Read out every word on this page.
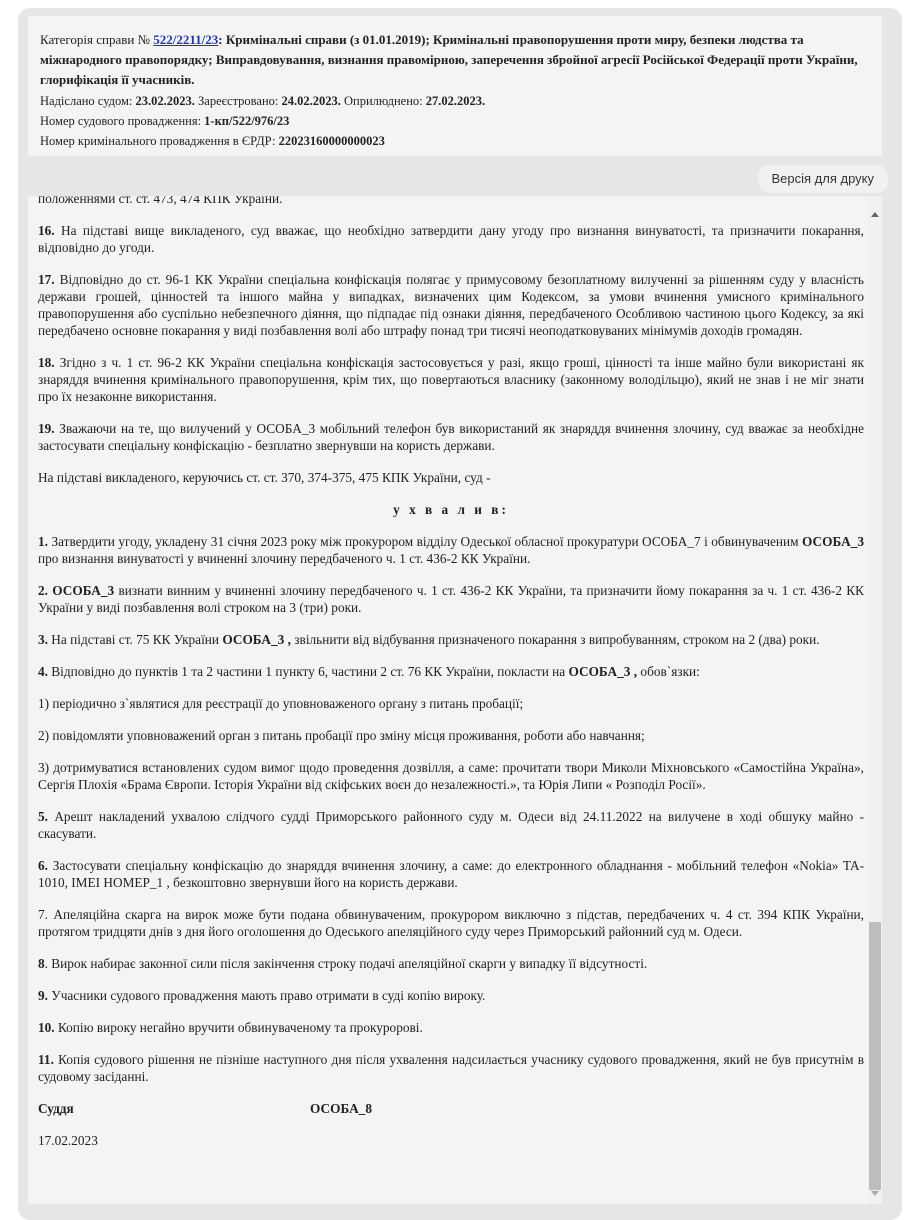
Категорія справи № 522/2211/23: Кримінальні справи (з 01.01.2019); Кримінальні правопорушення проти миру, безпеки людства та міжнародного правопорядку; Виправдовування, визнання правомірною, заперечення збройної агресії Російської Федерації проти України, глорифікація її учасників.

Надіслано судом: 23.02.2023. Зареєстровано: 24.02.2023. Оприлюднено: 27.02.2023.

Номер судового провадження: 1-кп/522/976/23

Номер кримінального провадження в ЄРДР: 22023160000000023

Версія для друку

положеннями ст. ст. 473, 474 КПК України.

16. На підставі вище викладеного, суд вважає, що необхідно затвердити дану угоду про визнання винуватості, та призначити покарання, відповідно до угоди.

17. Відповідно до ст. 96-1 КК України спеціальна конфіскація полягає у примусовому безоплатному вилученні за рішенням суду у власність держави грошей, цінностей та іншого майна у випадках, визначених цим Кодексом, за умови вчинення умисного кримінального правопорушення або суспільно небезпечного діяння, що підпадає під ознаки діяння, передбаченого Особливою частиною цього Кодексу, за які передбачено основне покарання у виді позбавлення волі або штрафу понад три тисячі неоподатковуваних мінімумів доходів громадян.

18. Згідно з ч. 1 ст. 96-2 КК України спеціальна конфіскація застосовується у разі, якщо гроші, цінності та інше майно були використані як знаряддя вчинення кримінального правопорушення, крім тих, що повертаються власнику (законному володільцю), який не знав і не міг знати про їх незаконне використання.

19. Зважаючи на те, що вилучений у ОСОБА_3 мобільний телефон був використаний як знаряддя вчинення злочину, суд вважає за необхідне застосувати спеціальну конфіскацію - безплатно звернувши на користь держави.

На підставі викладеного, керуючись ст. ст. 370, 374-375, 475 КПК України, суд -

у х в а л и в:

1. Затвердити угоду, укладену 31 січня 2023 року між прокурором відділу Одеської обласної прокуратури ОСОБА_7 і обвинуваченим ОСОБА_3 про визнання винуватості у вчиненні злочину передбаченого ч. 1 ст. 436-2 КК України.

2. ОСОБА_3 визнати винним у вчиненні злочину передбаченого ч. 1 ст. 436-2 КК України, та призначити йому покарання за ч. 1 ст. 436-2 КК України у виді позбавлення волі строком на 3 (три) роки.

3. На підставі ст. 75 КК України ОСОБА_3 , звільнити від відбування призначеного покарання з випробуванням, строком на 2 (два) роки.

4. Відповідно до пунктів 1 та 2 частини 1 пункту 6, частини 2 ст. 76 КК України, покласти на ОСОБА_3 , обов`язки:

1) періодично з`являтися для реєстрації до уповноваженого органу з питань пробації;

2) повідомляти уповноважений орган з питань пробації про зміну місця проживання, роботи або навчання;

3) дотримуватися встановлених судом вимог щодо проведення дозвілля, а саме: прочитати твори Миколи Міхновського «Самостійна Україна», Сергія Плохія «Брама Європи. Історія України від скіфських воєн до незалежності.», та Юрія Липи « Розподіл Росії».

5. Арешт накладений ухвалою слідчого судді Приморського районного суду м. Одеси від 24.11.2022 на вилучене в ході обшуку майно - скасувати.

6. Застосувати спеціальну конфіскацію до знаряддя вчинення злочину, а саме: до електронного обладнання - мобільний телефон «Nokia» TA-1010, IMEI НОМЕР_1 , безкоштовно звернувши його на користь держави.

7. Апеляційна скарга на вирок може бути подана обвинуваченим, прокурором виключно з підстав, передбачених ч. 4 ст. 394 КПК України, протягом тридцяти днів з дня його оголошення до Одеського апеляційного суду через Приморський районний суд м. Одеси.

8. Вирок набирає законної сили після закінчення строку подачі апеляційної скарги у випадку її відсутності.

9. Учасники судового провадження мають право отримати в суді копію вироку.

10. Копію вироку негайно вручити обвинуваченому та прокуророві.

11. Копія судового рішення не пізніше наступного дня після ухвалення надсилається учаснику судового провадження, який не був присутнім в судовому засіданні.

Суддя	ОСОБА_8

17.02.2023
